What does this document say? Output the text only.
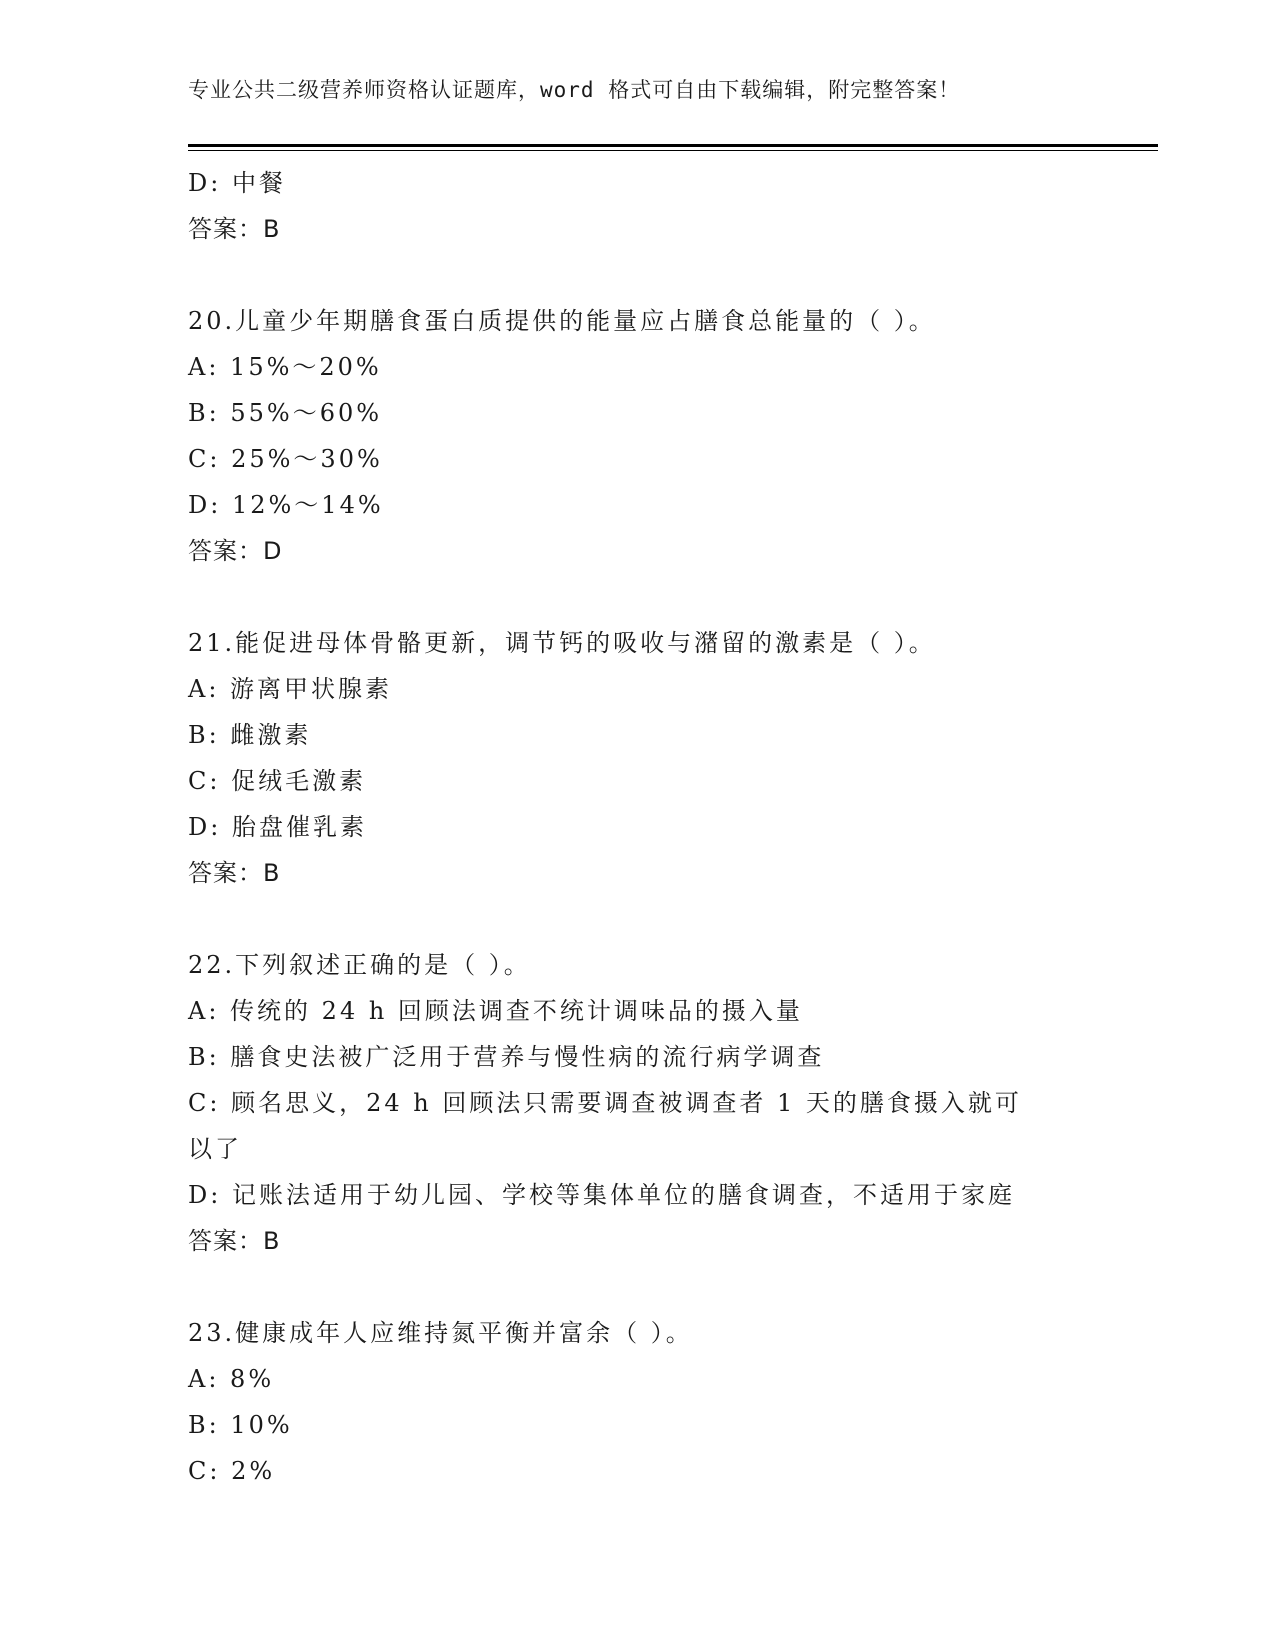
专业公共二级营养师资格认证题库，word 格式可自由下载编辑，附完整答案！
D: 中餐
答案：B
20.儿童少年期膳食蛋白质提供的能量应占膳食总能量的（ ）。
A: 15%～20%
B: 55%～60%
C: 25%～30%
D: 12%～14%
答案：D
21.能促进母体骨骼更新，调节钙的吸收与潴留的激素是（ ）。
A: 游离甲状腺素
B: 雌激素
C: 促绒毛激素
D: 胎盘催乳素
答案：B
22.下列叙述正确的是（ ）。
A: 传统的 24 h 回顾法调查不统计调味品的摄入量
B: 膳食史法被广泛用于营养与慢性病的流行病学调查
C: 顾名思义，24 h 回顾法只需要调查被调查者 1 天的膳食摄入就可以了
D: 记账法适用于幼儿园、学校等集体单位的膳食调查，不适用于家庭
答案：B
23.健康成年人应维持氮平衡并富余（ ）。
A: 8%
B: 10%
C: 2%
